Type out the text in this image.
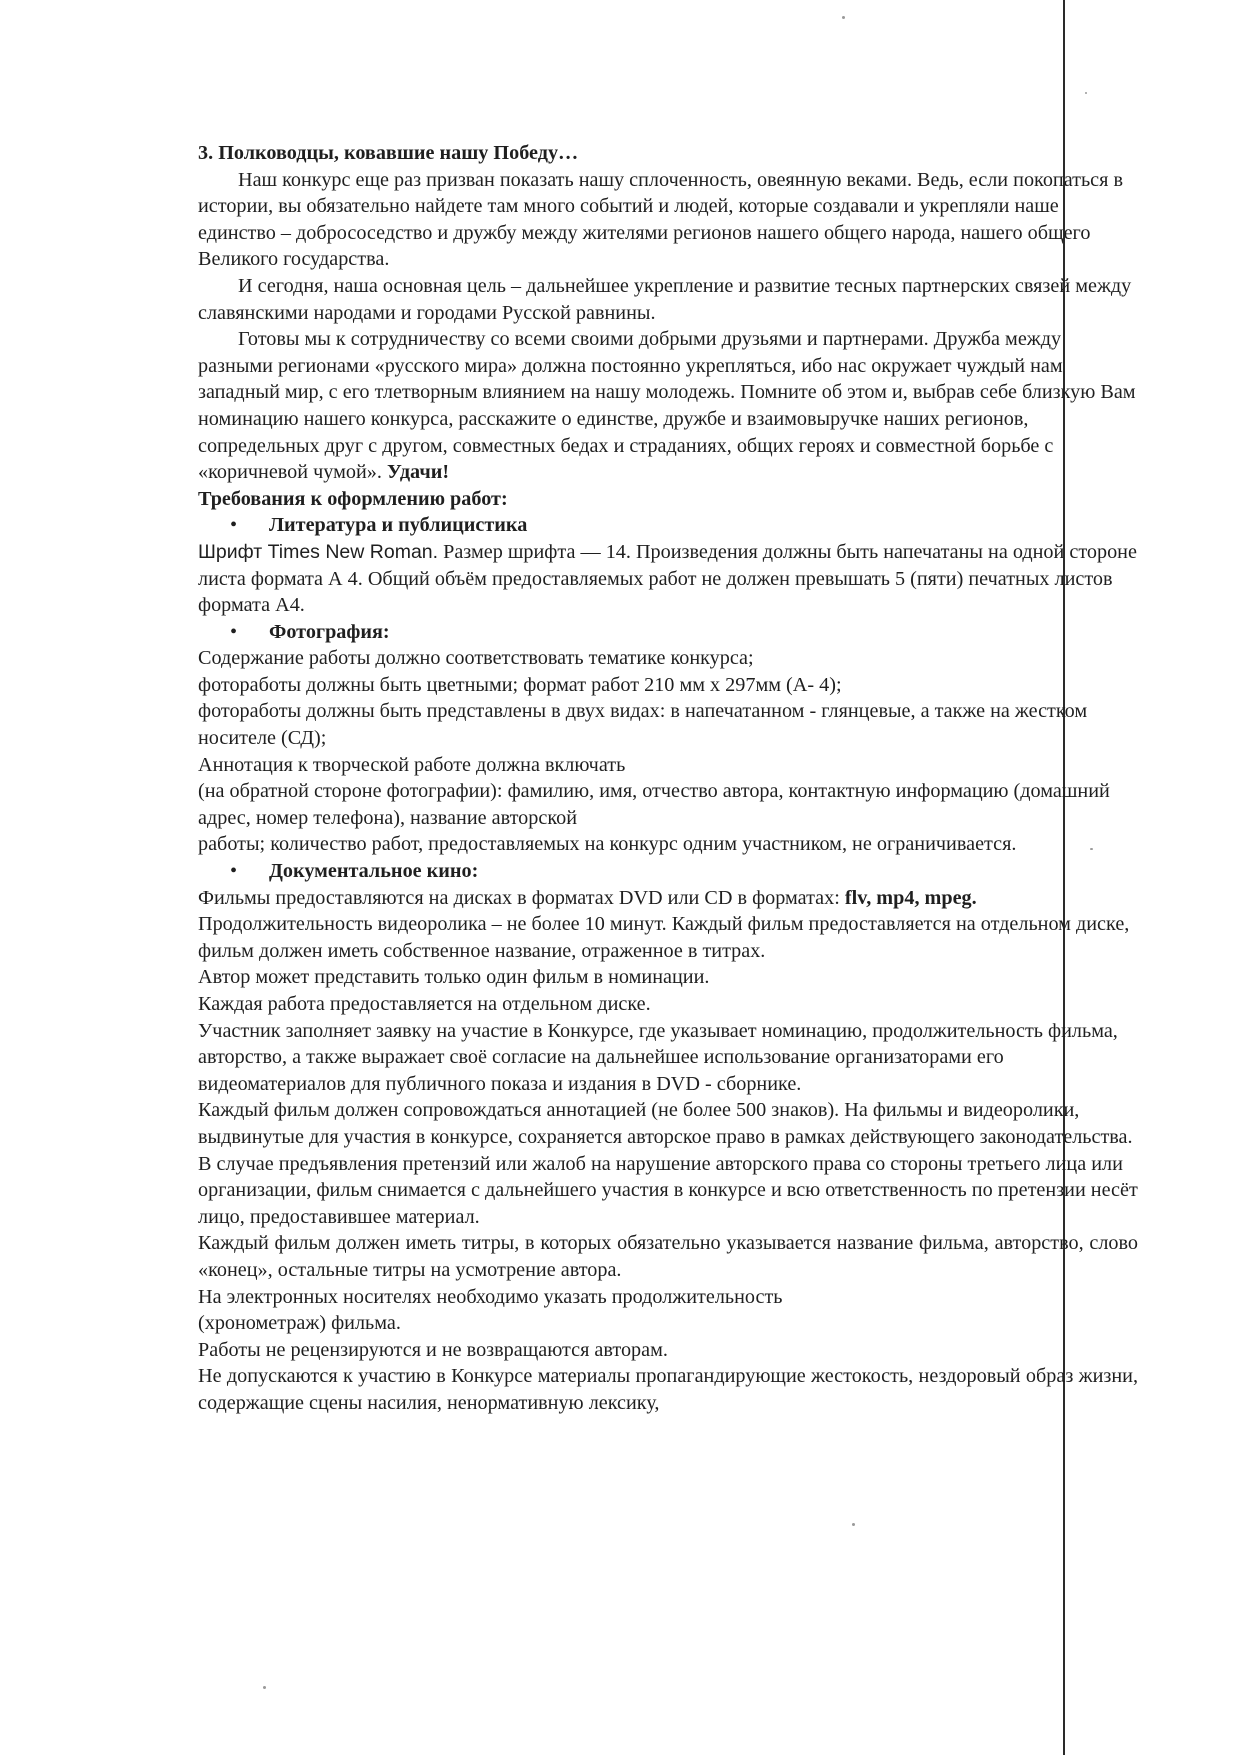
3. Полководцы, ковавшие нашу Победу…

Наш конкурс еще раз призван показать нашу сплоченность, овеянную веками. Ведь, если покопаться в истории, вы обязательно найдете там много событий и людей, которые создавали и укрепляли наше единство – добрососедство и дружбу между жителями регионов нашего общего народа, нашего общего Великого государства.

И сегодня, наша основная цель – дальнейшее укрепление и развитие тесных партнерских связей между славянскими народами и городами Русской равнины.

Готовы мы к сотрудничеству со всеми своими добрыми друзьями и партнерами. Дружба между разными регионами «русского мира» должна постоянно укрепляться, ибо нас окружает чуждый нам западный мир, с его тлетворным влиянием на нашу молодежь. Помните об этом и, выбрав себе близкую Вам номинацию нашего конкурса, расскажите о единстве, дружбе и взаимовыручке наших регионов, сопредельных друг с другом, совместных бедах и страданиях, общих героях и совместной борьбе с «коричневой чумой». Удачи!

Требования к оформлению работ:

• Литература и публицистика

Шрифт Times New Roman. Размер шрифта — 14. Произведения должны быть напечатаны на одной стороне листа формата А 4. Общий объём предоставляемых работ не должен превышать 5 (пяти) печатных листов формата А4.

• Фотография:

Содержание работы должно соответствовать тематике конкурса;

фотоработы должны быть цветными; формат работ 210 мм х 297мм (А- 4);

фотоработы должны быть представлены в двух видах: в напечатанном - глянцевые, а также на жестком носителе (СД);

Аннотация к творческой работе должна включать

(на обратной стороне фотографии): фамилию, имя, отчество автора, контактную информацию (домашний адрес, номер телефона), название авторской

работы; количество работ, предоставляемых на конкурс одним участником, не ограничивается.

• Документальное кино:

Фильмы предоставляются на дисках в форматах DVD или CD в форматах: flv, mp4, mpeg.

Продолжительность видеоролика – не более 10 минут. Каждый фильм предоставляется на отдельном диске, фильм должен иметь собственное название, отраженное в титрах.

Автор может представить только один фильм в номинации.

Каждая работа предоставляется на отдельном диске.

Участник заполняет заявку на участие в Конкурсе, где указывает номинацию, продолжительность фильма, авторство, а также выражает своё согласие на дальнейшее использование организаторами его видеоматериалов для публичного показа и издания в DVD - сборнике.

Каждый фильм должен сопровождаться аннотацией (не более 500 знаков). На фильмы и видеоролики, выдвинутые для участия в конкурсе, сохраняется авторское право в рамках действующего законодательства.

В случае предъявления претензий или жалоб на нарушение авторского права со стороны третьего лица или организации, фильм снимается с дальнейшего участия в конкурсе и всю ответственность по претензии несёт лицо, предоставившее материал.

Каждый фильм должен иметь титры, в которых обязательно указывается название фильма, авторство, слово «конец», остальные титры на усмотрение автора.

На электронных носителях необходимо указать продолжительность

(хронометраж) фильма.

Работы не рецензируются и не возвращаются авторам.

Не допускаются к участию в Конкурсе материалы пропагандирующие жестокость, нездоровый образ жизни, содержащие сцены насилия, ненормативную лексику,
